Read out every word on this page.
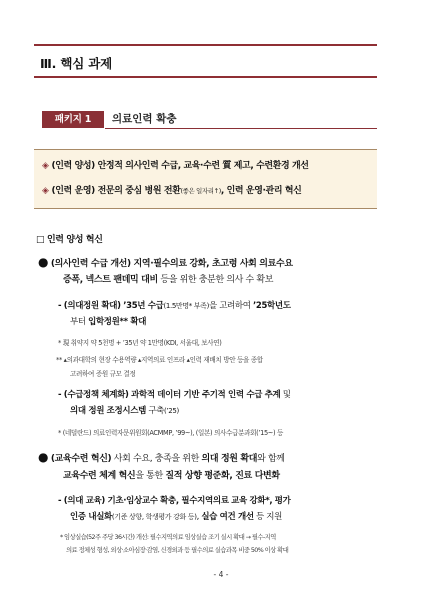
Ⅲ. 핵심 과제
패키지 1	의료인력 확충
◈ (인력 양성) 안정적 의사인력 수급, 교육·수련 質 제고, 수련환경 개선
◈ (인력 운영) 전문의 중심 병원 전환(좋은 일자리↑), 인력 운영·관리 혁신
□ 인력 양성 혁신
● (의사인력 수급 개선) 지역·필수의료 강화, 초고령 사회 의료수요
증폭, 넥스트 팬데믹 대비 등을 위한 충분한 의사 수 확보
- (의대정원 확대) ’35년 수급(1.5만명* 부족)을 고려하여 ’25학년도
부터 입학정원** 확대
* 現 취약지 약 5천명 + ’35년 약 1만명(KDI, 서울대, 보사연)
** ▴의과대학의 현장 수용역량 ▴지역의료 인프라 ▴인력 재배치 방안 등을 종합
고려하여 증원 규모 결정
- (수급정책 체계화) 과학적 데이터 기반 주기적 인력 수급 추계 및
의대 정원 조정시스템 구축(’25)
* (네덜란드) 의료인력자문위원회(ACMMP, ’99~), (일본) 의사수급분과회(’15~) 등
● (교육수련 혁신) 사회 수요, 충족을 위한 의대 정원 확대와 함께
교육수련 체계 혁신을 통한 질적 상향 평준화, 진료 다변화
- (의대 교육) 기초·임상교수 확충, 필수지역의료 교육 강화*, 평가
인증 내실화(기준 상향, 학생평가 강화 등), 실습 여건 개선 등 지원
* 임상실습(52주 주당 36시간) 개선: 필수지역의료 임상실습 조기 실시 확대 → 필수-지역
의료 정체성 형성, 외상·소아심장·감염, 신경외과 등 필수의료 실습과목 비중 50% 이상 확대
- 4 -
